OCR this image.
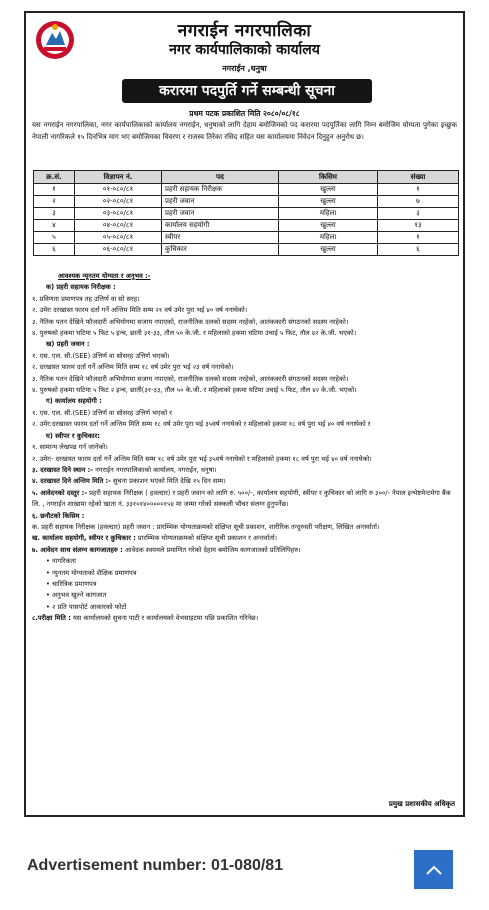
नगराईन नगरपालिका
नगर कार्यपालिकाको कार्यालय
नगराईन ,धनुषा
करारमा पदपुर्ति गर्ने सम्बन्धी सूचना
प्रथम पटक प्रकाशित मिति २०८०/०८/१८
यस नगराईन नगरपालिका, नगर कार्यपालिकाको कार्यालय नगराईन, धनुषाको लागि देहाय बमोजिमको पद करारमा पदपुर्तिका लागि निम्न बमोजिम योग्यता पुगेका इच्छुक नेपाली नागरिकले १५ दिनभित्र माग भए बमोजिमका विवरण र राजस्व तिरेका रसिद सहित यस कार्यालयमा निवेदन दिनुहुन अनुरोध छ।
क्र.सं.	विज्ञापन नं.	पद	किसिम	संख्या
१	०१-०८०/८१	प्रहरी सहायक निरीक्षक	खुल्ला	१
२	०२-०८०/८१	प्रहरी जवान	खुल्ला	७
३	०३-०८०/८१	प्रहरी जवान	महिला	३
४	०४-०८०/८१	कार्यालय सहयोगी	खुल्ला	१३
५	०५-०८०/८१	स्वीपर	महिला	१
६	०६-०८०/८१	कुचिकार	खुल्ला	६

आवश्यक न्यूनतम योग्यता र अनुभव :-

क) प्रहरी सहायक निरीक्षक :

१. प्रविणता प्रमाणपत्र तह उत्तिर्ण वा सो सरह।

२. उमेरः दरखास्त फारम दर्ता गर्ने अन्तिम मिति सम्म २१ वर्ष उमेर पुरा भई ४० वर्ष ननाघेको।

३. नैतिक पतन देखिने फौजदारी अभियोगमा सजाय नपाएको, राजनीतिक दलको सदस्य नरहेको, आतंककारी संगठनको सदस्य नरहेको।

४. पुरुषको हकमा घटिमा ५ फिट ५ इन्च, छाती ३१-३३, तौल ५० के.जी. र महिलाको हकमा घटिमा उचाई ५ फिट, तौल ४२ के.जी. भएको।

ख) प्रहरी जवान :

१. एस. एल. सी.(SEE) उत्तिर्ण वा सोसरह उत्तिर्ण भएको।

२. दरखास्त फारम दर्ता गर्ने अन्तिम मिति सम्म १८ वर्ष उमेर पुरा भई २३ वर्ष ननाघेको।

३. नैतिक पतन देखिने फौजदारी अभियोगमा सजाय नपाएको, राजनीतिक दलको सदस्य नरहेको, आतंककारी संगठनको सदस्य नरहेको।

४. पुरुषको हकमा घटिमा ५ फिट २ इन्च, छाती(३१-३३, तौल ५० के.जी. र महिलाको हकमा घटिमा उचाई ५ फिट, तौल ४२ के.जी. भएको।

ग) कार्यालय सहयोगी :

१. एस. एल. सी.(SEE) उत्तिर्ण वा सोसरह उत्तिर्ण भएको र

२. उमेर:दरखास्त फारम दर्ता गर्ने अन्तिम मिति सम्म १८ वर्ष उमेर पुरा भई ३५वर्ष ननाघेको र महिलाको हकमा १८ वर्ष पुरा भई ४० वर्ष ननाघेको र

घ) स्वीपर र कुचिकार:

१. सामान्य लेखपढ गर्न जानेको।

२. उमेरः- दरखास्त फारम दर्ता गर्ने अन्तिम मिति सम्म १८ वर्ष उमेर पुरा भई ३५वर्ष ननाघेको र महिलाको हकमा १८ वर्ष पुरा भई ४० वर्ष ननाघेको।

३. दरखास्त दिने स्थान :- नगराईन नगरपालिकाको कार्यालय, नगराईन, धनुषा।

४. दरखास्त दिने अन्तिम मिति :- सुचना प्रकाशन भएको मिति देखि १५ दिन सम्म।

५. आवेदनको दस्तुर :- प्रहरी सहायक निरीक्षक ( हवल्दार) र प्रहरी जवान को लागि रु. ५००/-, कार्यालय सहयोगी, स्वीपर र कुचिकार को लागि रु ३००/- नेपाल इन्भेष्टमेन्टमेगा बैंक लि. , नगराईन शाखामा रहेको खाता नं. ३३१०१४०००००१५४ मा जम्मा गरेको सक्कली भौचर संलग्न हुनुपर्नेछ।

६. छनौटको किसिम :

क. प्रहरी सहायक निरीक्षक (हवल्दार) प्रहरी जवान : प्रारम्भिक योग्यताक्रमको संक्षिप्त सूची प्रकाशन, शारीरिक तन्दुरुस्ती परीक्षण, लिखित अन्तर्वार्ता।

ख. कार्यालय सहयोगी, स्वीपर र कुचिकार : प्रारम्भिक योग्यताक्रमको संक्षिप्त सूची प्रकाशन र अन्तर्वार्ता।

७. आवेदन साथ संलग्न कागजातहरु : आवेदक स्वयमले प्रमाणित गरेको देहाय बमोजिम कागजातको प्रतिलिपिहरु।

• नागरिकता

• न्युनतम योग्यताको शैक्षिक प्रमाणपत्र

• चारित्रिक प्रमाणपत्र

• अनुभव खुल्ने कागजात

• २ प्रति पासपोर्ट आकारको फोटो

८.परीक्षा मिति : यस कार्यालयको सुचना पाटी र कार्यालयको वेभसाइटमा पछि प्रकाशित गरिनेछ।

प्रमुख प्रशासकीय अधिकृत
Advertisement number: 01-080/81
